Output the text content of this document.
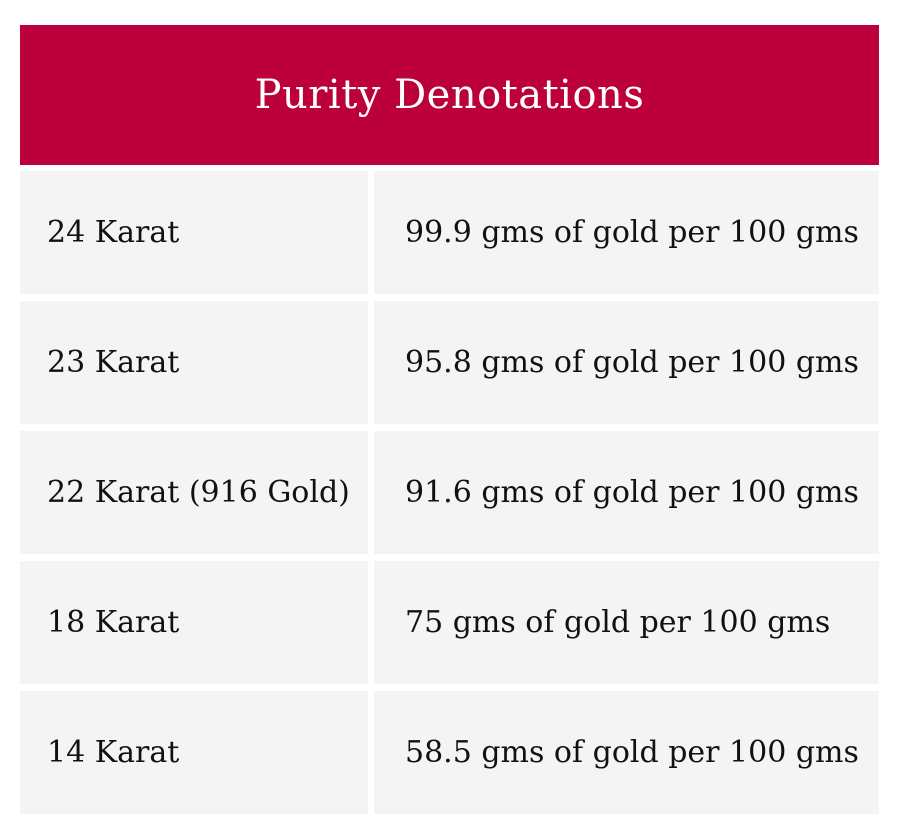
Purity Denotations
24 Karat	99.9 gms of gold per 100 gms
23 Karat	95.8 gms of gold per 100 gms
22 Karat (916 Gold)	91.6 gms of gold per 100 gms
18 Karat	75 gms of gold per 100 gms
14 Karat	58.5 gms of gold per 100 gms
